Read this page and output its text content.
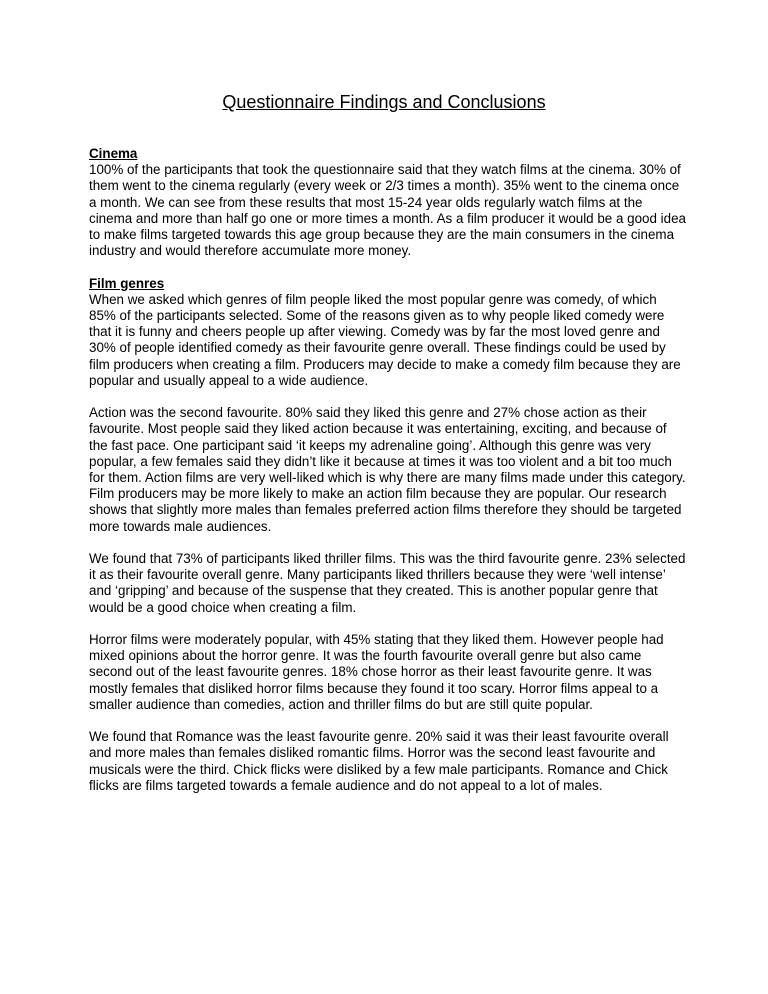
Questionnaire Findings and Conclusions

Cinema

100% of the participants that took the questionnaire said that they watch films at the cinema. 30% of them went to the cinema regularly (every week or 2/3 times a month). 35% went to the cinema once a month. We can see from these results that most 15-24 year olds regularly watch films at the cinema and more than half go one or more times a month. As a film producer it would be a good idea to make films targeted towards this age group because they are the main consumers in the cinema industry and would therefore accumulate more money.

Film genres

When we asked which genres of film people liked the most popular genre was comedy, of which 85% of the participants selected. Some of the reasons given as to why people liked comedy were that it is funny and cheers people up after viewing. Comedy was by far the most loved genre and 30% of people identified comedy as their favourite genre overall. These findings could be used by film producers when creating a film. Producers may decide to make a comedy film because they are popular and usually appeal to a wide audience.

Action was the second favourite. 80% said they liked this genre and 27% chose action as their favourite. Most people said they liked action because it was entertaining, exciting, and because of the fast pace. One participant said ‘it keeps my adrenaline going’. Although this genre was very popular, a few females said they didn’t like it because at times it was too violent and a bit too much for them. Action films are very well-liked which is why there are many films made under this category. Film producers may be more likely to make an action film because they are popular. Our research shows that slightly more males than females preferred action films therefore they should be targeted more towards male audiences.

We found that 73% of participants liked thriller films. This was the third favourite genre. 23% selected it as their favourite overall genre. Many participants liked thrillers because they were ‘well intense’ and ‘gripping’ and because of the suspense that they created. This is another popular genre that would be a good choice when creating a film.

Horror films were moderately popular, with 45% stating that they liked them. However people had mixed opinions about the horror genre. It was the fourth favourite overall genre but also came second out of the least favourite genres. 18% chose horror as their least favourite genre. It was mostly females that disliked horror films because they found it too scary. Horror films appeal to a smaller audience than comedies, action and thriller films do but are still quite popular.

We found that Romance was the least favourite genre. 20% said it was their least favourite overall and more males than females disliked romantic films. Horror was the second least favourite and musicals were the third. Chick flicks were disliked by a few male participants. Romance and Chick flicks are films targeted towards a female audience and do not appeal to a lot of males.
